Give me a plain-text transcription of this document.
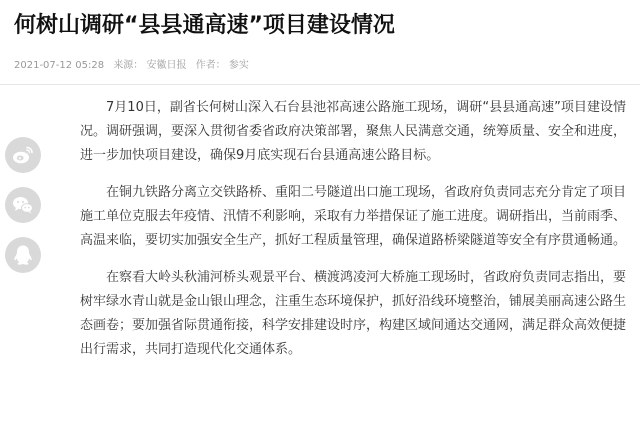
何树山调研“县县通高速”项目建设情况
2021-07-12 05:28 来源： 安徽日报 作者： 参实

7月10日，副省长何树山深入石台县池祁高速公路施工现场，调研“县县通高速”项目建设情况。调研强调，要深入贯彻省委省政府决策部署，聚焦人民满意交通，统筹质量、安全和进度，进一步加快项目建设，确保9月底实现石台县通高速公路目标。

在铜九铁路分离立交铁路桥、重阳二号隧道出口施工现场，省政府负责同志充分肯定了项目施工单位克服去年疫情、汛情不利影响，采取有力举措保证了施工进度。调研指出，当前雨季、高温来临，要切实加强安全生产，抓好工程质量管理，确保道路桥梁隧道等安全有序贯通畅通。

在察看大岭头秋浦河桥头观景平台、横渡鸿凌河大桥施工现场时，省政府负责同志指出，要树牢绿水青山就是金山银山理念，注重生态环境保护，抓好沿线环境整治，铺展美丽高速公路生态画卷；要加强省际贯通衔接，科学安排建设时序，构建区域间通达交通网，满足群众高效便捷出行需求，共同打造现代化交通体系。
